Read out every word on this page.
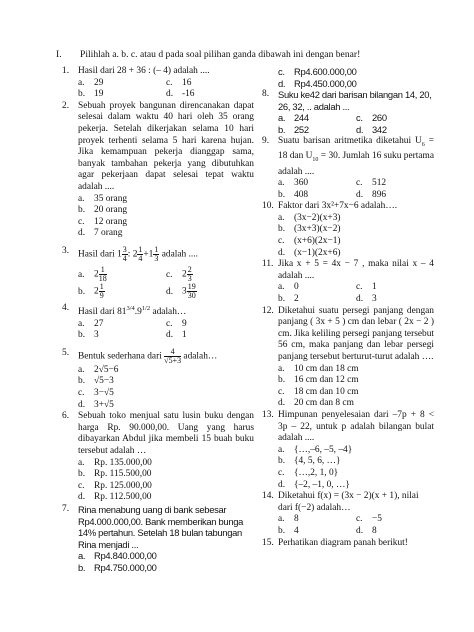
I. Pilihlah a. b. c. atau d pada soal pilihan ganda dibawah ini dengan benar!
1. Hasil dari 28 + 36 : (– 4) adalah ....
a. 29	c. 16
b. 19	d. -16
2. Sebuah proyek bangunan direncanakan dapat selesai dalam waktu 40 hari oleh 35 orang pekerja. Setelah dikerjakan selama 10 hari proyek terhenti selama 5 hari karena hujan. Jika kemampuan pekerja dianggap sama, banyak tambahan pekerja yang dibutuhkan agar pekerjaan dapat selesai tepat waktu adalah ....
a. 35 orang
b. 20 orang
c. 12 orang
d. 7 orang
3. Hasil dari $1 \frac{3}{4}$ : $2 \frac{1}{4} +1 \frac{1}{3}$ adalah ....
a. $2 \frac{1}{18}$	c. $2 \frac{2}{3}$
b. $2 \frac{1}{9}$	d. $3 \frac{19}{30}$
4. Hasil dari $81^{3/4}.9^{1/2}$ adalah…
a. 27	c. 9
b. 3	d. 1
5. Bentuk sederhana dari $\frac{4}{√5+3}$ adalah…
a. 2√5−6
b. √5−3
c. 3−√5
d. 3+√5
6. Sebuah toko menjual satu lusin buku dengan harga Rp. 90.000,00. Uang yang harus dibayarkan Abdul jika membeli 15 buah buku tersebut adalah …
a. Rp. 135.000,00
b. Rp. 115.500,00
c. Rp. 125.000,00
d. Rp. 112.500,00
7. Rina menabung uang di bank sebesar Rp4.000.000,00. Bank memberikan bunga 14% pertahun. Setelah 18 bulan tabungan Rina menjadi ...
a. Rp4.840.000,00
b. Rp4.750.000,00
c. Rp4.600.000,00
d. Rp4.450.000,00
8. Suku ke42 dari barisan bilangan 14, 20, 26, 32, .. adalah ...
a. 244	c. 260
b. 252	d. 342
9. Suatu barisan aritmetika diketahui $U_6 = 18$ dan $U_{10} = 30$. Jumlah 16 suku pertama adalah ....
a. 360	c. 512
b. 408	d. 896
10. Faktor dari 3x²+7x−6 adalah….
a. (3x−2)(x+3)
b. (3x+3)(x−2)
c. (x+6)(2x−1)
d. (x−1)(2x+6)
11. Jika x + 5 = 4x − 7 , maka nilai x – 4 adalah ....
a. 0	c. 1
b. 2	d. 3
12. Diketahui suatu persegi panjang dengan panjang ( 3x + 5 ) cm dan lebar ( 2x − 2 ) cm. Jika keliling persegi panjang tersebut 56 cm, maka panjang dan lebar persegi panjang tersebut berturut-turut adalah ….
a. 10 cm dan 18 cm
b. 16 cm dan 12 cm
c. 18 cm dan 10 cm
d. 20 cm dan 8 cm
13. Himpunan penyelesaian dari –7p + 8 < 3p – 22, untuk p adalah bilangan bulat adalah ....
a. {…,–6, –5, –4}
b. {4, 5, 6, …}
c. {…,2, 1, 0}
d. {–2, –1, 0, …}
14. Diketahui f(x) = (3x − 2)(x + 1), nilai dari f(−2) adalah…
a. 8	c. −5
b. 4	d. 8
15. Perhatikan diagram panah berikut!
